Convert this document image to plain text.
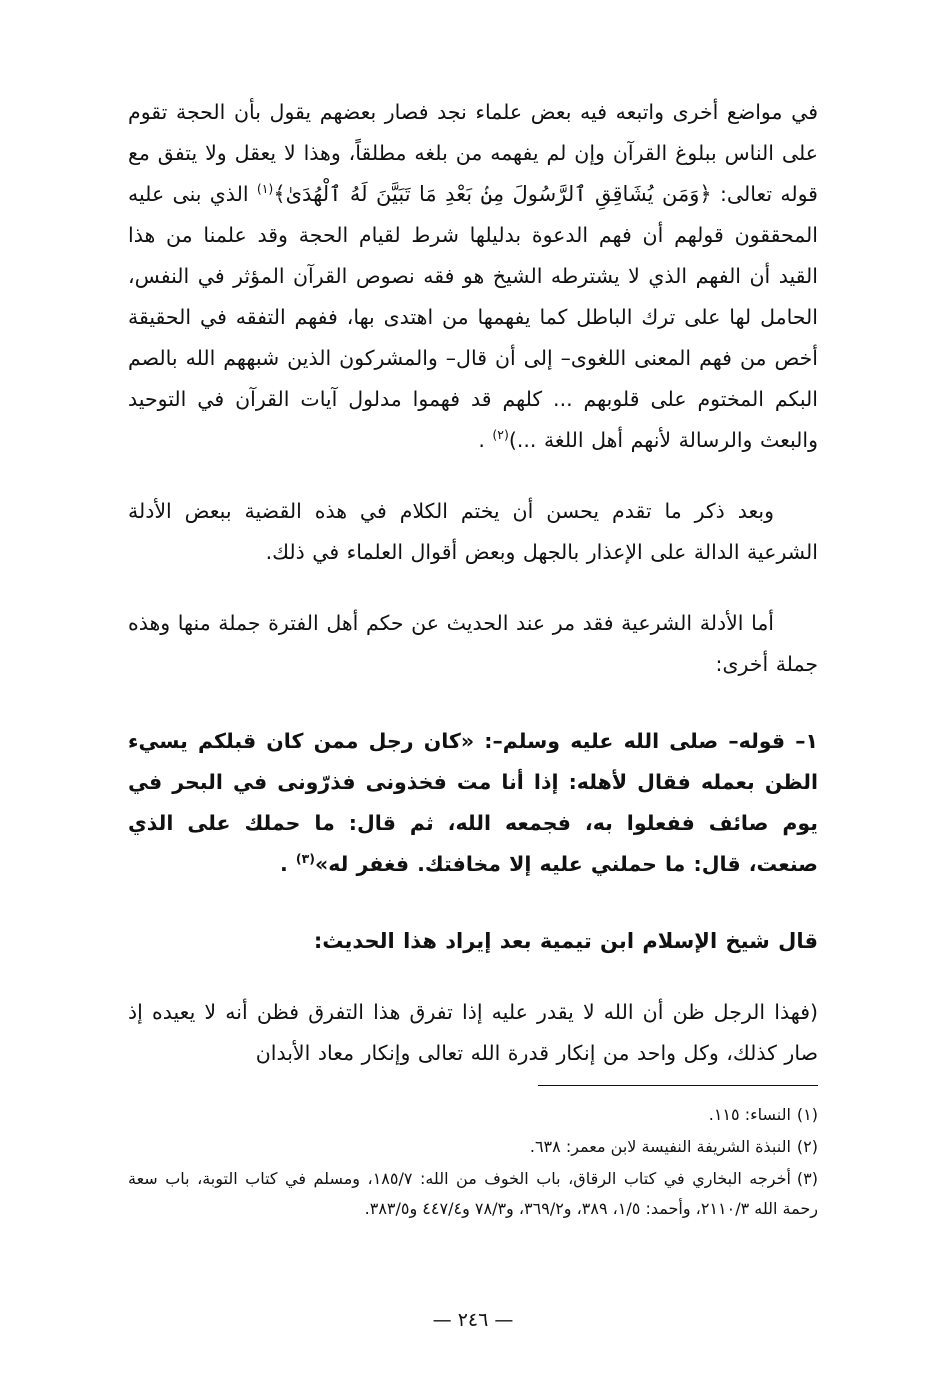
في مواضع أخرى واتبعه فيه بعض علماء نجد فصار بعضهم يقول بأن الحجة تقوم على الناس ببلوغ القرآن وإن لم يفهمه من بلغه مطلقاً، وهذا لا يعقل ولا يتفق مع قوله تعالى: ﴿وَمَن يُشَاقِقِ ٱلرَّسُولَ مِنۢ بَعْدِ مَا تَبَيَّنَ لَهُ ٱلْهُدَىٰ﴾$^{(١)}$ الذي بنى عليه المحققون قولهم أن فهم الدعوة بدليلها شرط لقيام الحجة وقد علمنا من هذا القيد أن الفهم الذي لا يشترطه الشيخ هو فقه نصوص القرآن المؤثر في النفس، الحامل لها على ترك الباطل كما يفهمها من اهتدى بها، ففهم التفقه في الحقيقة أخص من فهم المعنى اللغوى– إلى أن قال– والمشركون الذين شبههم الله بالصم البكم المختوم على قلوبهم ... كلهم قد فهموا مدلول آيات القرآن في التوحيد والبعث والرسالة لأنهم أهل اللغة ...)$^{(٢)}$ .

وبعد ذكر ما تقدم يحسن أن يختم الكلام في هذه القضية ببعض الأدلة الشرعية الدالة على الإعذار بالجهل وبعض أقوال العلماء في ذلك.

أما الأدلة الشرعية فقد مر عند الحديث عن حكم أهل الفترة جملة منها وهذه جملة أخرى:

١– قوله– صلى الله عليه وسلم–: «كان رجل ممن كان قبلكم يسيء الظن بعمله فقال لأهله: إذا أنا مت فخذونى فذرّونى في البحر في يوم صائف ففعلوا به، فجمعه الله، ثم قال: ما حملك على الذي صنعت، قال: ما حملني عليه إلا مخافتك. فغفر له»$^{(٣)}$ .

قال شيخ الإسلام ابن تيمية بعد إيراد هذا الحديث:

(فهذا الرجل ظن أن الله لا يقدر عليه إذا تفرق هذا التفرق فظن أنه لا يعيده إذ صار كذلك، وكل واحد من إنكار قدرة الله تعالى وإنكار معاد الأبدان

(١)النساء: ١١٥.
(٢)النبذة الشريفة النفيسة لابن معمر: ٦٣٨.
(٣)أخرجه البخاري في كتاب الرقاق، باب الخوف من الله: ١٨٥/٧، ومسلم في كتاب التوبة، باب سعة رحمة الله ٢١١٠/٣، وأحمد: ١/٥، ٣٨٩، و٣٦٩/٢، و٧٨/٣ و٤٤٧/٤ و٣٨٣/٥.
— ٢٤٦ —
